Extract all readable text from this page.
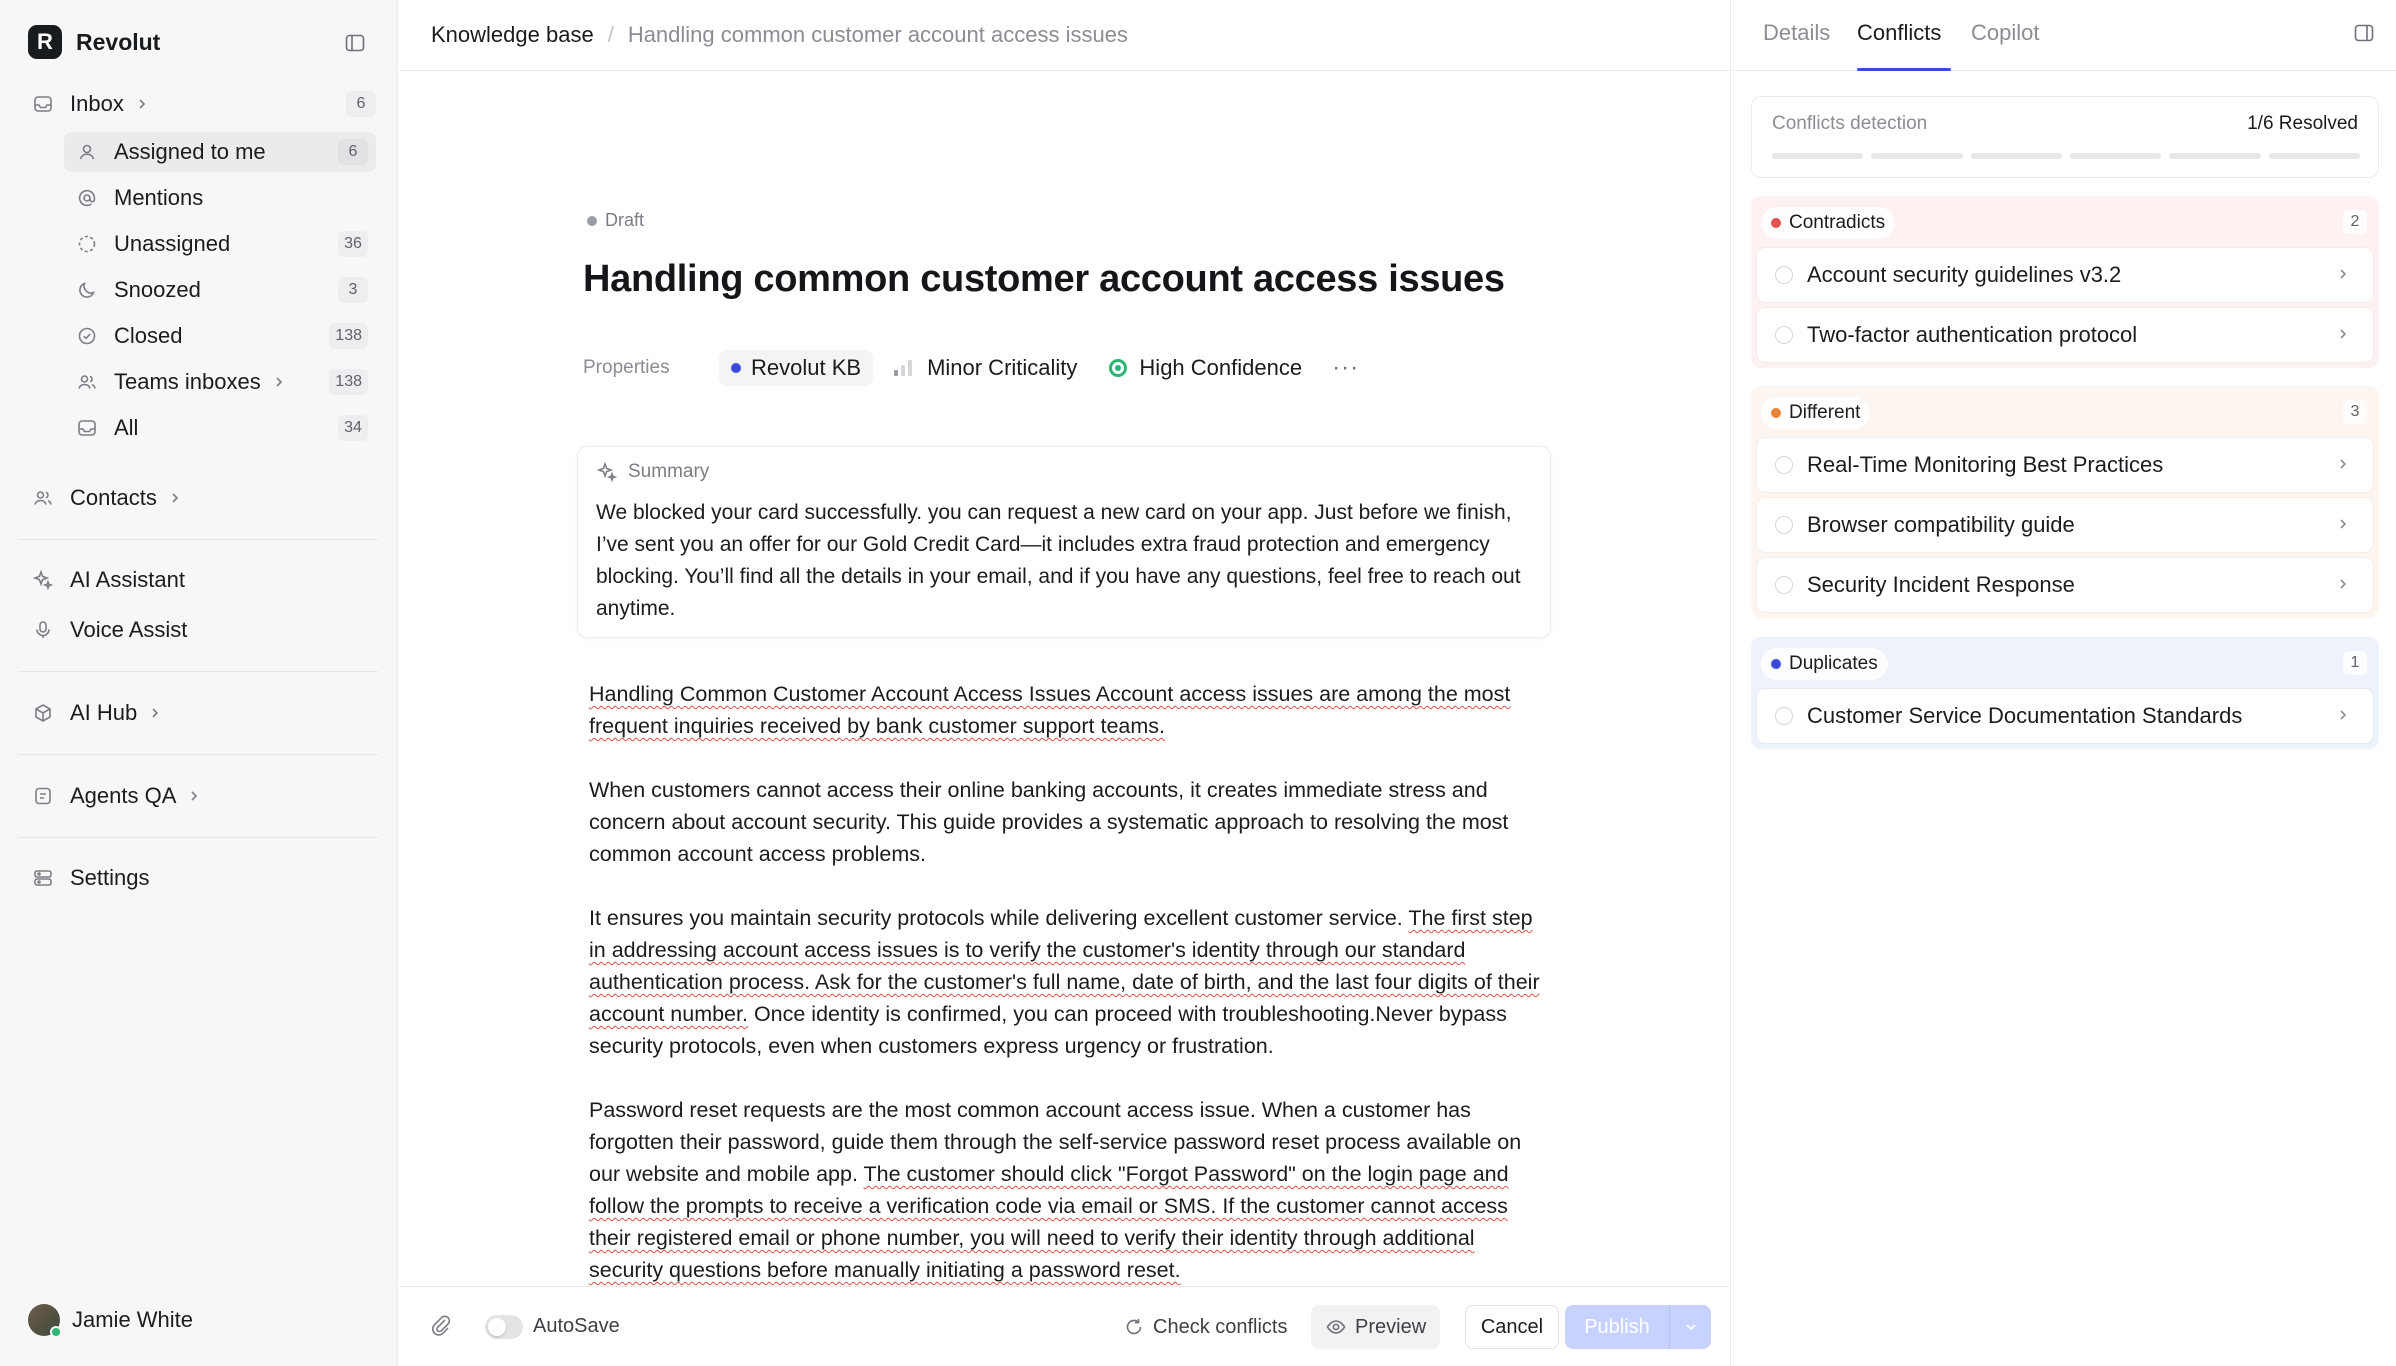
R	Revolut
Inbox	6
Assigned to me	6
Mentions
Unassigned	36
Snoozed	3
Closed	138
Teams inboxes	138
All	34
Contacts
AI Assistant
Voice Assist
AI Hub
Agents QA
Settings
Jamie White
Knowledge base / Handling common customer account access issues
Draft
Handling common customer account access issues
Properties	Revolut KB	Minor Criticality	High Confidence ···
Summary

We blocked your card successfully. you can request a new card on your app. Just before we finish, I’ve sent you an offer for our Gold Credit Card—it includes extra fraud protection and emergency blocking. You’ll find all the details in your email, and if you have any questions, feel free to reach out anytime.

Handling Common Customer Account Access Issues Account access issues are among the most frequent inquiries received by bank customer support teams.

When customers cannot access their online banking accounts, it creates immediate stress and concern about account security. This guide provides a systematic approach to resolving the most common account access problems.

It ensures you maintain security protocols while delivering excellent customer service. The first step in addressing account access issues is to verify the customer's identity through our standard authentication process. Ask for the customer's full name, date of birth, and the last four digits of their account number. Once identity is confirmed, you can proceed with troubleshooting.Never bypass security protocols, even when customers express urgency or frustration.

Password reset requests are the most common account access issue. When a customer has forgotten their password, guide them through the self-service password reset process available on our website and mobile app. The customer should click "Forgot Password" on the login page and follow the prompts to receive a verification code via email or SMS. If the customer cannot access their registered email or phone number, you will need to verify their identity through additional security questions before manually initiating a password reset.

AutoSave	Check conflicts	Preview	Cancel	Publish
Details Conflicts Copilot
Conflicts detection	1/6 Resolved
Contradicts	2
Account security guidelines v3.2
Two-factor authentication protocol
Different	3
Real-Time Monitoring Best Practices
Browser compatibility guide
Security Incident Response
Duplicates	1
Customer Service Documentation Standards
